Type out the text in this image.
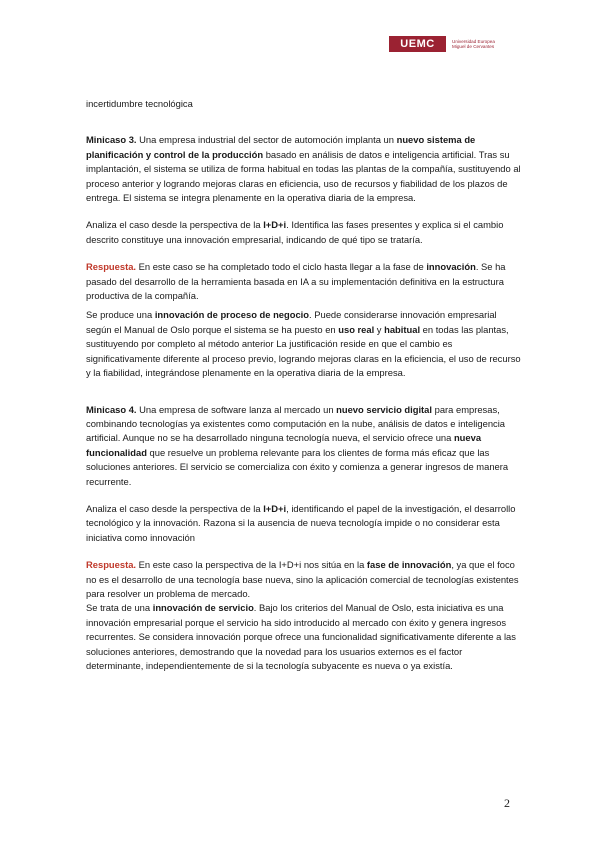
UEMC	Universidad Europea
Miguel de Cervantes

incertidumbre tecnológica

Minicaso 3. Una empresa industrial del sector de automoción implanta un nuevo sistema de planificación y control de la producción basado en análisis de datos e inteligencia artificial. Tras su implantación, el sistema se utiliza de forma habitual en todas las plantas de la compañía, sustituyendo al proceso anterior y logrando mejoras claras en eficiencia, uso de recursos y fiabilidad de los plazos de entrega. El sistema se integra plenamente en la operativa diaria de la empresa.

Analiza el caso desde la perspectiva de la I+D+i. Identifica las fases presentes y explica si el cambio descrito constituye una innovación empresarial, indicando de qué tipo se trataría.

Respuesta. En este caso se ha completado todo el ciclo hasta llegar a la fase de innovación. Se ha pasado del desarrollo de la herramienta basada en IA a su implementación definitiva en la estructura productiva de la compañía.

Se produce una innovación de proceso de negocio. Puede considerarse innovación empresarial según el Manual de Oslo porque el sistema se ha puesto en uso real y habitual en todas las plantas, sustituyendo por completo al método anterior La justificación reside en que el cambio es significativamente diferente al proceso previo, logrando mejoras claras en la eficiencia, el uso de recurso y la fiabilidad, integrándose plenamente en la operativa diaria de la empresa.

Minicaso 4. Una empresa de software lanza al mercado un nuevo servicio digital para empresas, combinando tecnologías ya existentes como computación en la nube, análisis de datos e inteligencia artificial. Aunque no se ha desarrollado ninguna tecnología nueva, el servicio ofrece una nueva funcionalidad que resuelve un problema relevante para los clientes de forma más eficaz que las soluciones anteriores. El servicio se comercializa con éxito y comienza a generar ingresos de manera recurrente.

Analiza el caso desde la perspectiva de la I+D+i, identificando el papel de la investigación, el desarrollo tecnológico y la innovación. Razona si la ausencia de nueva tecnología impide o no considerar esta iniciativa como innovación

Respuesta. En este caso la perspectiva de la I+D+i nos sitúa en la fase de innovación, ya que el foco no es el desarrollo de una tecnología base nueva, sino la aplicación comercial de tecnologías existentes para resolver un problema de mercado.

Se trata de una innovación de servicio. Bajo los criterios del Manual de Oslo, esta iniciativa es una innovación empresarial porque el servicio ha sido introducido al mercado con éxito y genera ingresos recurrentes. Se considera innovación porque ofrece una funcionalidad significativamente diferente a las soluciones anteriores, demostrando que la novedad para los usuarios externos es el factor determinante, independientemente de si la tecnología subyacente es nueva o ya existía.

2
